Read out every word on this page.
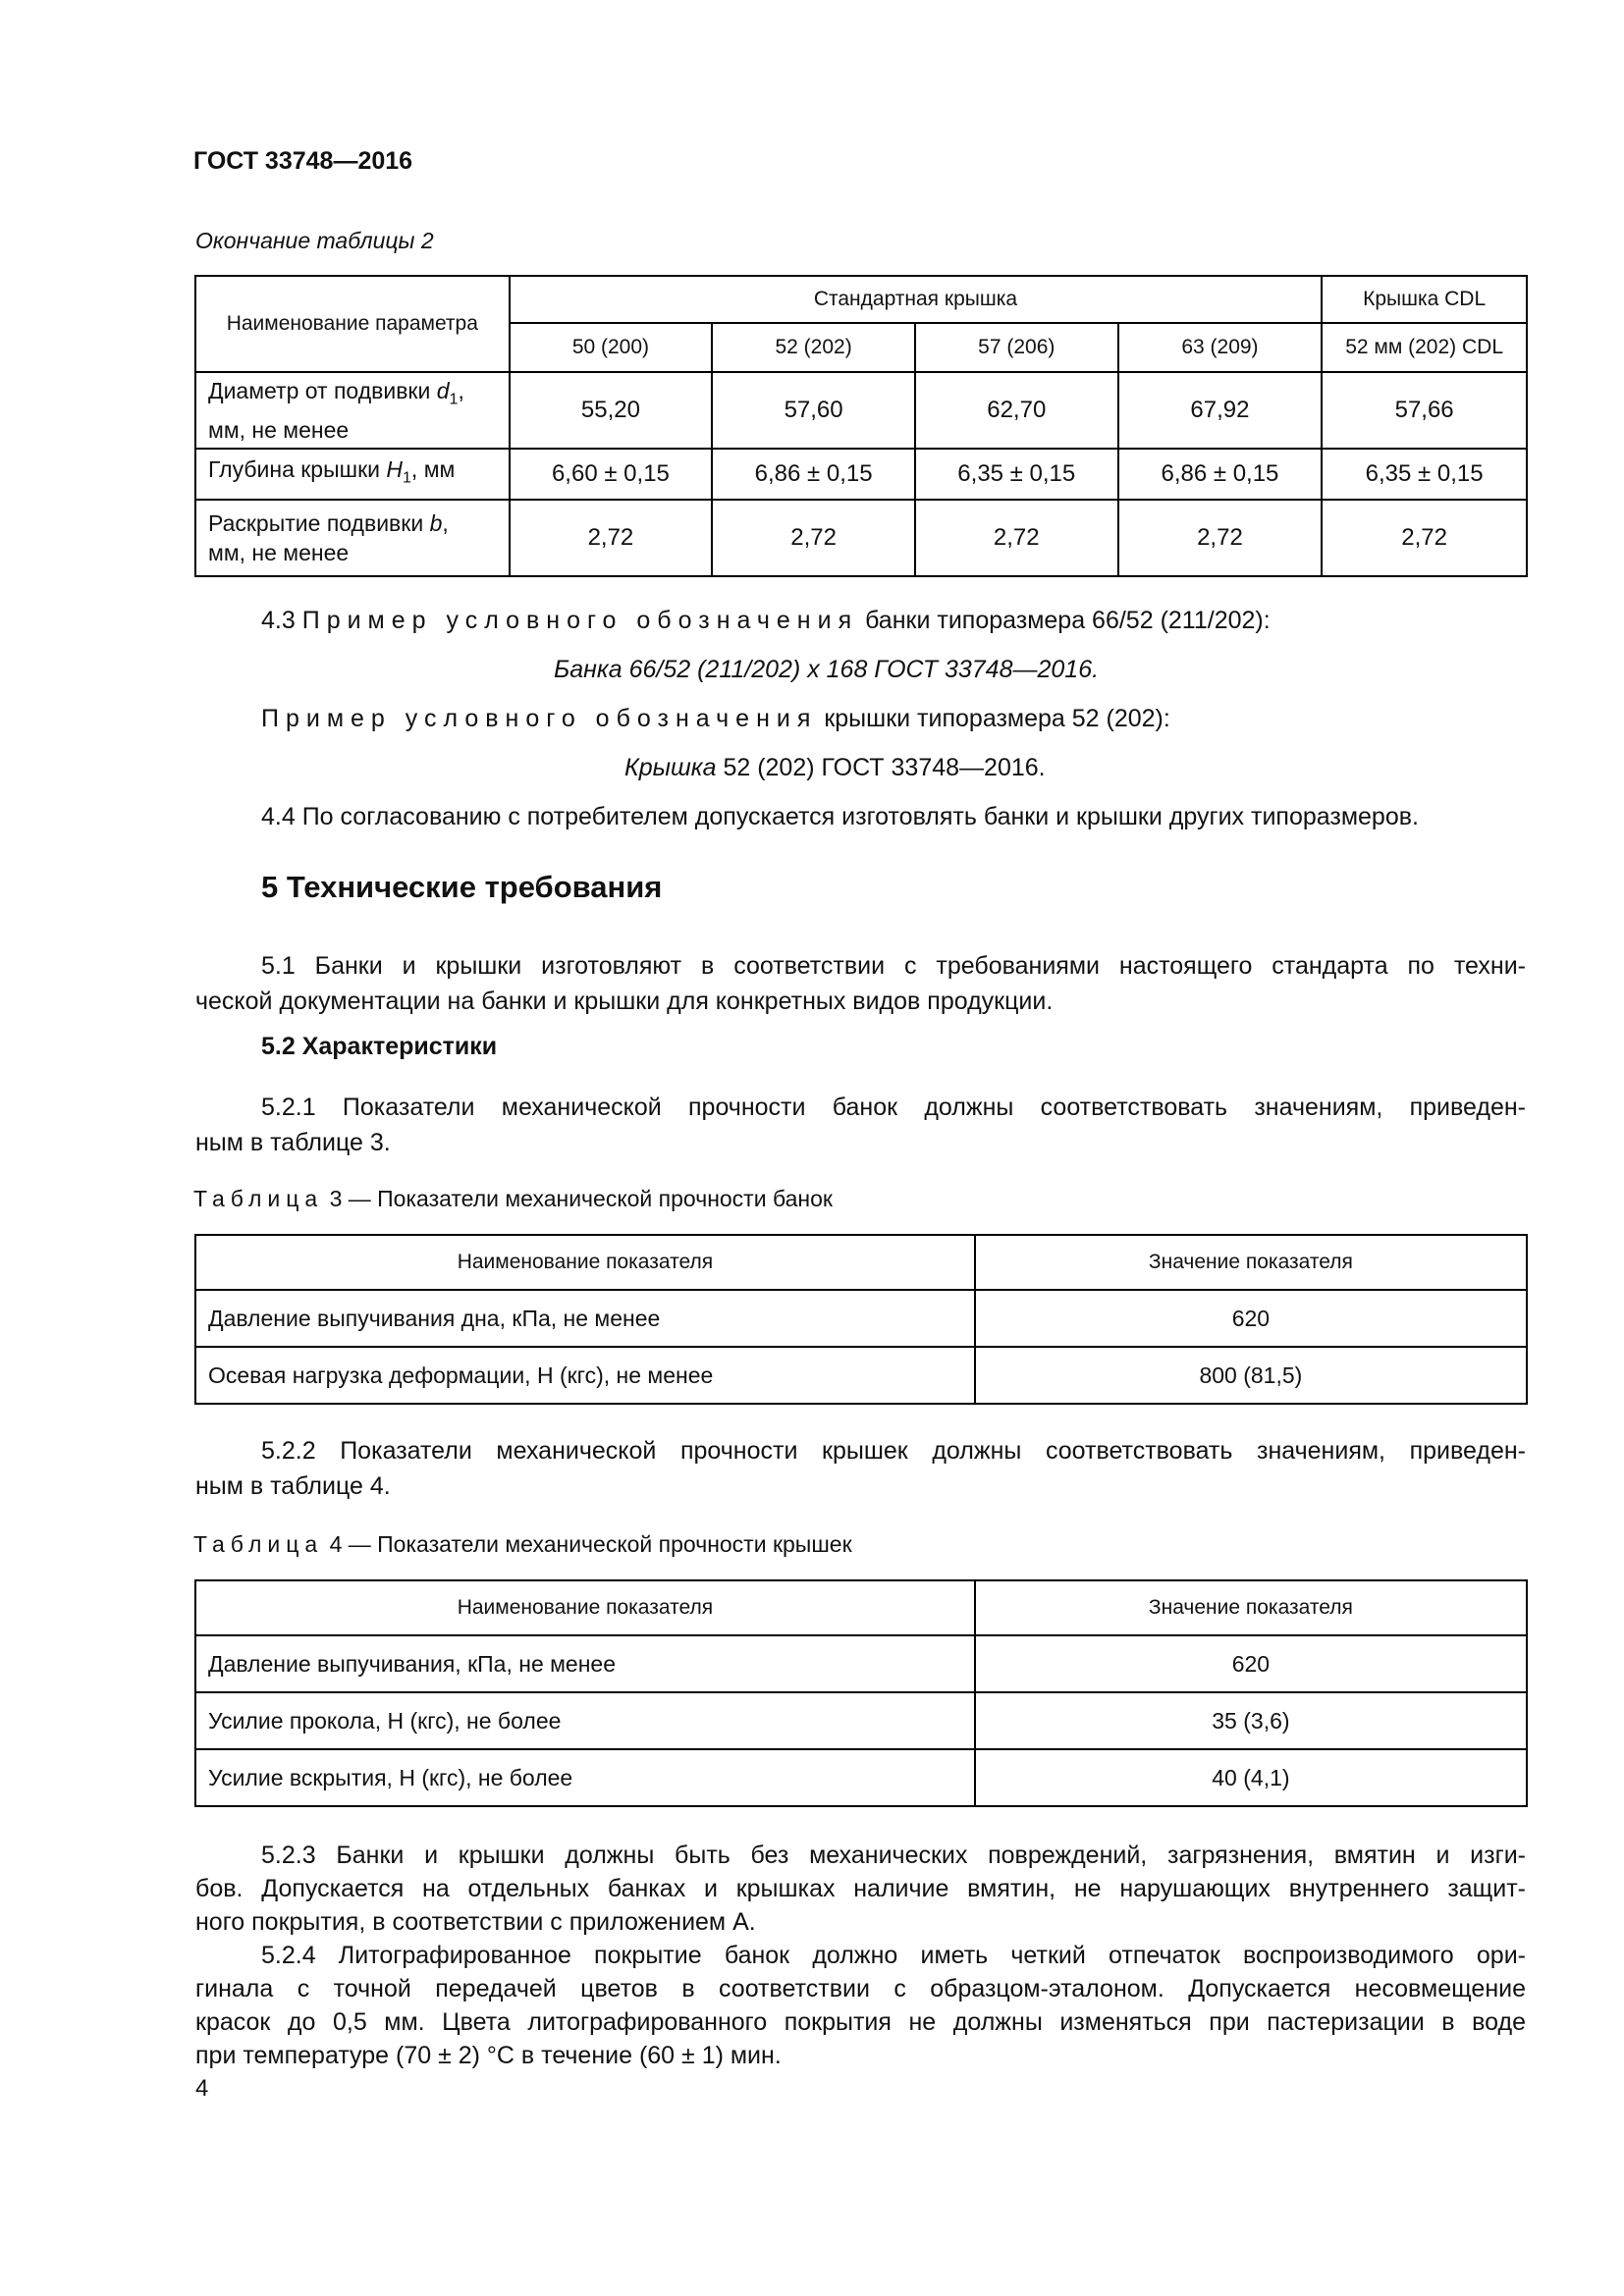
ГОСТ 33748—2016
Окончание таблицы 2
Наименование параметра	Стандартная крышка				Крышка CDL
	50 (200)	52 (202)	57 (206)	63 (209)	52 мм (202) CDL
Диаметр от подвивки $d_1$,
мм, не менее	55,20	57,60	62,70	67,92	57,66
Глубина крышки $H_1$, мм	6,60 ± 0,15	6,86 ± 0,15	6,35 ± 0,15	6,86 ± 0,15	6,35 ± 0,15
Раскрытие подвивки b,
мм, не менее	2,72	2,72	2,72	2,72	2,72
4.3 Пример условного обозначения банки типоразмера 66/52 (211/202):
Банка 66/52 (211/202) х 168 ГОСТ 33748—2016.
Пример условного обозначения крышки типоразмера 52 (202):
Крышка 52 (202) ГОСТ 33748—2016.
4.4 По согласованию с потребителем допускается изготовлять банки и крышки других типоразмеров.
5 Технические требования
5.1 Банки и крышки изготовляют в соответствии с требованиями настоящего стандарта по техни-
ческой документации на банки и крышки для конкретных видов продукции.
5.2 Характеристики
5.2.1 Показатели механической прочности банок должны соответствовать значениям, приведен-
ным в таблице 3.
Таблица 3 — Показатели механической прочности банок
Наименование показателя	Значение показателя
Давление выпучивания дна, кПа, не менее	620
Осевая нагрузка деформации, Н (кгс), не менее	800 (81,5)
5.2.2 Показатели механической прочности крышек должны соответствовать значениям, приведен-
ным в таблице 4.
Таблица 4 — Показатели механической прочности крышек
Наименование показателя	Значение показателя
Давление выпучивания, кПа, не менее	620
Усилие прокола, Н (кгс), не более	35 (3,6)
Усилие вскрытия, Н (кгс), не более	40 (4,1)
5.2.3 Банки и крышки должны быть без механических повреждений, загрязнения, вмятин и изги-
бов. Допускается на отдельных банках и крышках наличие вмятин, не нарушающих внутреннего защит-
ного покрытия, в соответствии с приложением А.
5.2.4 Литографированное покрытие банок должно иметь четкий отпечаток воспроизводимого ори-
гинала с точной передачей цветов в соответствии с образцом-эталоном. Допускается несовмещение
красок до 0,5 мм. Цвета литографированного покрытия не должны изменяться при пастеризации в воде
при температуре (70 ± 2) °C в течение (60 ± 1) мин.
4
